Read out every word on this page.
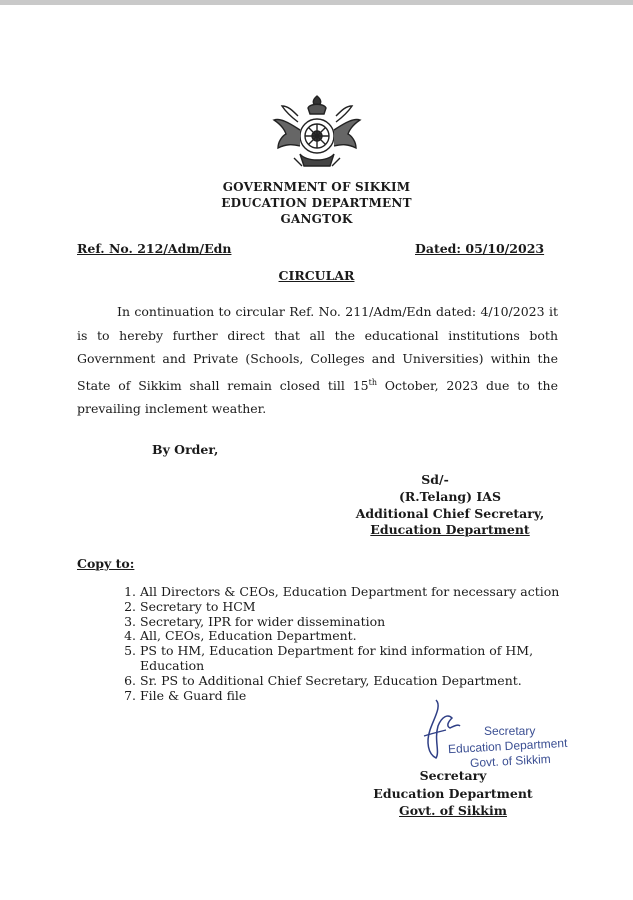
GOVERNMENT OF SIKKIM
EDUCATION DEPARTMENT
GANGTOK
Ref. No. 212/Adm/Edn	Dated: 05/10/2023
CIRCULAR
In continuation to circular Ref. No. 211/Adm/Edn dated: 4/10/2023 it is to hereby further direct that all the educational institutions both Government and Private (Schools, Colleges and Universities) within the State of Sikkim shall remain closed till 15th October, 2023 due to the prevailing inclement weather.
By Order,
Sd/-
(R.Telang) IAS
Additional Chief Secretary,
Education Department
Copy to:
1. All Directors & CEOs, Education Department for necessary action
2. Secretary to HCM
3. Secretary, IPR for wider dissemination
4. All, CEOs, Education Department.
5. PS to HM, Education Department for kind information of HM, Education
6. Sr. PS to Additional Chief Secretary, Education Department.
7. File & Guard file
Secretary
Education Department
Govt. of Sikkim
Secretary
Education Department
Govt. of Sikkim
